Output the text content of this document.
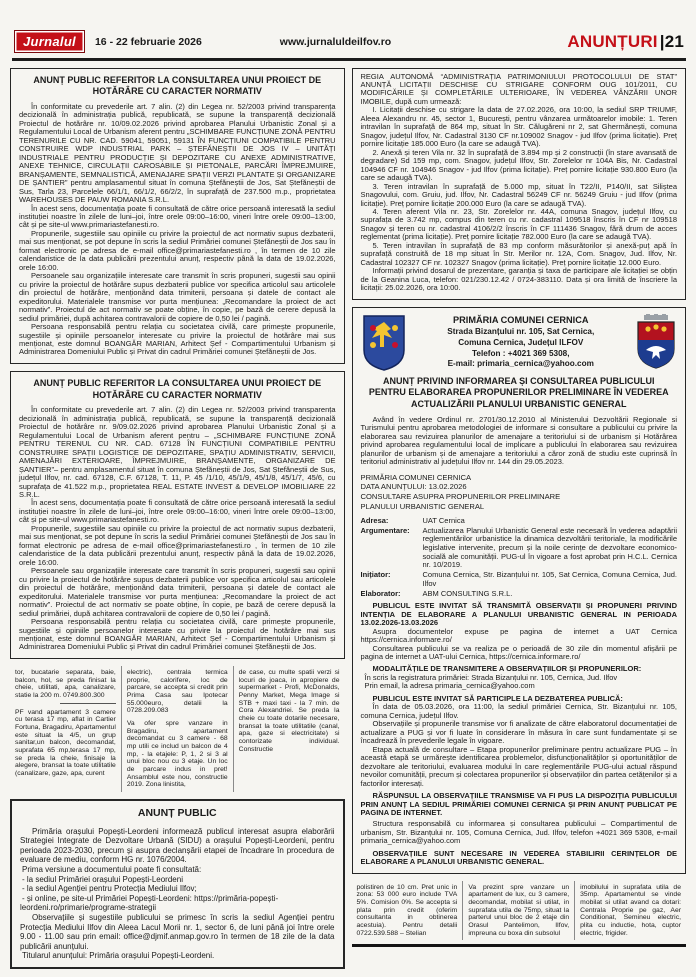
Jurnalul	16 - 22 februarie 2026	www.jurnaluldeilfov.ro	ANUNȚURI |21
ANUNȚ PUBLIC REFERITOR LA CONSULTAREA UNUI PROIECT DE HOTĂRÂRE CU CARACTER NORMATIV

În conformitate cu prevederile art. 7 alin. (2) din Legea nr. 52/2003 privind transparența decizională în administrația publică, republicată, se supune la transparență decizională Proiectul de hotărâre nr. 10/09.02.2026 privind aprobarea Planului Urbanistic Zonal și a Regulamentului Local de Urbanism aferent pentru „SCHIMBARE FUNCȚIUNE ZONĂ PENTRU TERENURILE CU NR. CAD. 59041, 59051, 59131 ÎN FUNCȚIUNI COMPATIBILE PENTRU CONSTRUIRE WDP INDUSTRIAL PARK – ȘTEFĂNEȘTII DE JOS IV – UNITĂȚI INDUSTRIALE PENTRU PRODUCȚIE ȘI DEPOZITARE CU ANEXE ADMINISTRATIVE, ANEXE TEHNICE, CIRCULAȚII CAROSABILE ȘI PIETONALE, PARCĂRI ÎMPREJMUIRE, BRANȘAMENTE, SEMNALISTICĂ, AMENAJARE SPAȚII VERZI PLANTATE ȘI ORGANIZARE DE ȘANTIER” pentru amplasamentul situat în comuna Ștefăneștii de Jos, Sat Ștefăneștii de Sus, Tarla 23, Parcelele 66/1/1, 66/1/2, 66/2/2, în suprafață de 237.500 m.p., proprietatea WAREHOUSES DE PAUW ROMANIA S.R.L.

În acest sens, documentația poate fi consultată de către orice persoană interesată la sediul instituției noastre în zilele de luni–joi, între orele 09:00–16:00, vineri între orele 09:00–13:00, cât și pe site-ul www.primariastefanesti.ro.

Propunerile, sugestiile sau opiniile cu privire la proiectul de act normativ supus dezbaterii, mai sus menționat, se pot depune în scris la sediul Primăriei comunei Ștefăneștii de Jos sau în format electronic pe adresa de e-mail office@primariastefanesti.ro , în termen de 10 zile calendaristice de la data publicării prezentului anunț, respectiv până la data de 19.02.2026, orele 16:00.

Persoanele sau organizațiile interesate care transmit în scris propuneri, sugestii sau opinii cu privire la proiectul de hotărâre supus dezbaterii publice vor specifica articolul sau articolele din proiectul de hotărâre, menționând data trimiterii, persoana și datele de contact ale expeditorului. Materialele transmise vor purta mențiunea: „Recomandare la proiect de act normativ”. Proiectul de act normativ se poate obține, în copie, pe bază de cerere depusă la sediul primăriei, după achitarea contravalorii de copiere de 0,50 lei / pagină.

Persoana responsabilă pentru relația cu societatea civilă, care primește propunerile, sugestiile și opiniile persoanelor interesate cu privire la proiectul de hotărâre mai sus menționat, este domnul BOANGĂR MARIAN, Arhitect Șef - Compartimentului Urbanism și Administrarea Domeniului Public și Privat din cadrul Primăriei comunei Ștefăneștii de Jos.

ANUNȚ PUBLIC REFERITOR LA CONSULTAREA UNUI PROIECT DE HOTĂRÂRE CU CARACTER NORMATIV

În conformitate cu prevederile art. 7 alin. (2) din Legea nr. 52/2003 privind transparența decizională în administrația publică, republicată, se supune la transparență decizională Proiectul de hotărâre nr. 9/09.02.2026 privind aprobarea Planului Urbanistic Zonal și a Regulamentului Local de Urbanism aferent pentru – „SCHIMBARE FUNCȚIUNE ZONĂ PENTRU TERENUL CU NR. CAD. 67128 ÎN FUNCȚIUNI COMPATIBILE PENTRU CONSTRUIRE SPAȚII LOGISTICE DE DEPOZITARE, SPAȚIU ADMINISTRATIV, SERVICII, AMENAJĂRI EXTERIOARE, ÎMPREJMUIRE, BRANȘAMENTE, ORGANIZARE DE ȘANTIER”– pentru amplasamentul situat în comuna Ștefăneștii de Jos, Sat Ștefăneștii de Sus, județul Ilfov, nr. cad. 67128, C.F. 67128, T. 11, P. 45 /1/10, 45/1/9, 45/1/8, 45/1/7, 45/6, cu suprafața de 41.522 m.p., proprietatea REAL ESTATE INVEST & DEVELOP IMOBILIARE 22 S.R.L.

În acest sens, documentația poate fi consultată de către orice persoană interesată la sediul instituției noastre în zilele de luni–joi, între orele 09:00–16:00, vineri între orele 09:00–13:00, cât și pe site-ul www.primariastefanesti.ro.

Propunerile, sugestiile sau opiniile cu privire la proiectul de act normativ supus dezbaterii, mai sus menționat, se pot depune în scris la sediul Primăriei comunei Ștefăneștii de Jos sau în format electronic pe adresa de e-mail office@primariastefanesti.ro , în termen de 10 zile calendaristice de la data publicării prezentului anunț, respectiv până la data de 19.02.2026, orele 16:00.

Persoanele sau organizațiile interesate care transmit în scris propuneri, sugestii sau opinii cu privire la proiectul de hotărâre supus dezbaterii publice vor specifica articolul sau articolele din proiectul de hotărâre, menționând data trimiterii, persoana și datele de contact ale expeditorului. Materialele transmise vor purta mențiunea: „Recomandare la proiect de act normativ”. Proiectul de act normativ se poate obține, în copie, pe bază de cerere depusă la sediul primăriei, după achitarea contravalorii de copiere de 0,50 lei / pagină.

Persoana responsabilă pentru relația cu societatea civilă, care primește propunerile, sugestiile și opiniile persoanelor interesate cu privire la proiectul de hotărâre mai sus menționat, este domnul BOANGĂR MARIAN, Arhitect Șef - Compartimentului Urbanism și Administrarea Domeniului Public și Privat din cadrul Primăriei comunei Ștefăneștii de Jos.

tor, bucatarie separata, baie, balcon, hol, se preda finisat la cheie, utilitati, apa, canalizare, statie la 200 m. 0749.800.300

PF vand apartament 3 camere cu terasa 17 mp, aflat in Cartier Fortuna, Bragadiru, Apartamentul este situat la 4/5, un grup sanitar,un balcon, decomandat, suprafata 65 mp,terasa 17 mp, se preda la cheie, finisaje la alegere, bransat la toate utilitatile (canalizare, gaze, apa, curent

electric), centrala termica proprie, calorifere, loc de parcare, se accepta si credit prin Prima Casa sau Ipotecar 55.000euro, detalii la 0728.209.083

Va ofer spre vanzare in Bragadiru, apartament decomandat cu 3 camere - 68 mp utili ce includ un balcon de 4 mp, - la etajele: P, 1, 2 si 3 al unui bloc nou cu 3 etaje. Un loc de parcare indus in pret! Ansamblul este nou, constructie 2019. Zona linistita,

de case, cu multe spatii verzi si locuri de joaca, in apropiere de supermarket - Profi, McDonalds, Penny Market, Mega Image si STB + maxi taxi - la 7 min. de Cora Alexandriei. Se preda la cheie cu toate dotarile necesare, bransat la toate utilitatile (canal, apa, gaze si electricitate) si contorizate individual. Constructie

ANUNȚ PUBLIC

Primăria orașului Popești-Leordeni informează publicul interesat asupra elaborării Strategiei Integrate de Dezvoltare Urbană (SIDU) a orașului Popești-Leordeni, pentru perioada 2023-2030, precum și asupra declanșării etapei de încadrare în procedura de evaluare de mediu, conform HG nr. 1076/2004.

Prima versiune a documentului poate fi consultată:

- la sediul Primăriei orașului Popești-Leordeni

- la sediul Agenției pentru Protecția Mediului Ilfov;

- și online, pe site-ul Primăriei Popești-Leordeni: https://primăria-popești-leordeni.ro/primarie/programe-strategii

Observațiile și sugestiile publicului se primesc în scris la sediul Agenției pentru Protecția Mediului Ilfov din Aleea Lacul Morii nr. 1, sector 6, de luni până joi între orele 9.00 - 11.00 sau prin email: office@djmif.anmap.gov.ro în termen de 18 zile de la data publicării anunțului.

Titularul anunțului: Primăria orașului Popești-Leordeni.

REGIA AUTONOMĂ “ADMINISTRAȚIA PATRIMONIULUI PROTOCOLULUI DE STAT” ANUNȚĂ LICITAȚII DESCHISE CU STRIGARE CONFORM OUG 101/2011, CU MODIFICĂRILE ȘI COMPLETĂRILE ULTERIOARE, ÎN VEDEREA VÂNZĂRII UNOR IMOBILE, după cum urmează:

I. Licitații deschise cu strigare la data de 27.02.2026, ora 10:00, la sediul SRP TRIUMF, Aleea Alexandru nr. 45, sector 1, București, pentru vânzarea următoarelor imobile: 1. Teren intravilan în suprafață de 864 mp, situat în Str. Călugăreni nr 2, sat Ghermănești, comuna Snagov, județul Ilfov, Nr. Cadastral 3130 CF nr.109002 Snagov - jud Ilfov (prima licitație). Preț pornire licitație 185.000 Euro (la care se adaugă TVA).

2. Anexă și teren Vila nr. 32 în suprafață de 3.894 mp și 2 construcții (în stare avansată de degradare) Sd 159 mp, com. Snagov, județul Ilfov, Str. Zorelelor nr 104A Bis, Nr. Cadastral 104946 CF nr. 104946 Snagov - jud Ilfov (prima licitație). Preț pornire licitație 930.800 Euro (la care se adaugă TVA).

3. Teren intravilan în suprafață de 5.000 mp, situat în T22/II, P140/II, sat Siliștea Snagovului, com. Gruiu, jud. Ilfov, Nr. Cadastral 56249 CF nr. 56249 Gruiu - jud Ilfov (prima licitație). Preț pornire licitație 200.000 Euro (la care se adaugă TVA).

4. Teren aferent Vila nr. 23, Str. Zorelelor nr. 44A, comuna Snagov, județul Ilfov, cu suprafața de 3.742 mp, compus din teren cu nr. cadastral 109518 înscris în CF nr 109518 Snagov și teren cu nr. cadastral 4106/2/2 înscris în CF 111436 Snagov, fără drum de acces reglementat (prima licitație). Preț pornire licitație 782.000 Euro (la care se adaugă TVA).

5. Teren intravilan în suprafață de 83 mp conform măsurătorilor și anexă-puț apă în suprafață construită de 18 mp situat în Str. Merilor nr. 12A, Com. Snagov, Jud. Ilfov, Nr. Cadastral 102327 CF nr. 102327 Snagov (prima licitație). Preț pornire licitație 12.000 Euro.

Informații privind dosarul de prezentare, garanția și taxa de participare ale licitației se obțin de la Geanina Luca, telefon: 021/230.12.42 / 0724-383110. Data și ora limită de înscriere la licitații: 25.02.2026, ora 10:00.

PRIMĂRIA COMUNEI CERNICA
Strada Bizanțului nr. 105, Sat Cernica,
Comuna Cernica, Județul ILFOV
Telefon : +4021 369 5308,
E-mail: primaria_cernica@yahoo.com
ANUNȚ PRIVIND INFORMAREA ȘI CONSULTAREA PUBLICULUI PENTRU ELABORAREA PROPUNERILOR PRELIMINARE ÎN VEDEREA ACTUALIZĂRII PLANULUI URBANISTIC GENERAL

Având în vedere Ordinul nr. 2701/30.12.2010 al Ministerului Dezvoltării Regionale si Turismului pentru aprobarea metodologiei de informare si consultare a publicului cu privire la elaborarea sau revizuirea planurilor de amenajare a teritoriului si de urbanism și Hotărârea privind aprobarea regulamentului local de implicare a publicului în elaborarea sau revizuirea planurilor de urbanism și de amenajare a teritoriului a căror zonă de studiu este cuprinsă în teritoriul administrativ al județului Ilfov nr. 144 din 29.05.2023.

PRIMĂRIA COMUNEI CERNICA
DATA ANUNȚULUI: 13.02.2026
CONSULTARE ASUPRA PROPUNERILOR PRELIMINARE
PLANULUI URBANISTIC GENERAL
Adresa:	UAT Cernica
Argumentare:	Actualizarea Planului Urbanistic General este necesară în vederea adaptării reglementărilor urbanistice la dinamica dezvoltării teritoriale, la modificările legislative intervenite, precum și la noile cerințe de dezvoltare economico-socială ale comunității. PUG-ul în vigoare a fost aprobat prin H.C.L. Cernica nr. 10/2019.
Inițiator:	Comuna Cernica, Str. Bizanțului nr. 105, Sat Cernica, Comuna Cernica, Jud. Ilfov
Elaborator:	ABM CONSULTING S.R.L.

PUBLICUL ESTE INVITAT SĂ TRANSMITĂ OBSERVAȚII ȘI PROPUNERI PRIVIND INTENȚIA DE ELABORARE A PLANULUI URBANISTIC GENERAL IN PERIOADA 13.02.2026-13.03.2026

Asupra documentelor expuse pe pagina de internet a UAT Cernica https://cernica.informare.ro/

Consultarea publicului se va realiza pe o perioadă de 30 zile din momentul afișării pe pagina de internet a UAT-ului Cernica, https://cernica.informare.ro/

MODALITĂȚILE DE TRANSMITERE A OBSERVAȚIILOR ȘI PROPUNERILOR:

În scris la registratura primăriei: Strada Bizanțului nr. 105, Cernica, Jud. Ilfov

Prin email, la adresa primaria_cernica@yahoo.com

PUBLICUL ESTE INVITAT SĂ PARTICIPLE LA DEZBATEREA PUBLICĂ:

În data de 05.03.2026, ora 11:00, la sediul primăriei Cernica, Str. Bizanțului nr. 105, comuna Cernica, județul Ilfov.

Observațiile și propunerile transmise vor fi analizate de către elaboratorul documentației de actualizare a PUG și vor fi luate în considerare în măsura în care sunt fundamentate și se încadrează în prevederile legale în vigoare.

Etapa actuală de consultare – Etapa propunerilor preliminare pentru actualizare PUG – în această etapă se urmărește identificarea problemelor, disfuncționalităților și oportunităților de dezvoltare ale teritoriului, evaluarea modului în care reglementările PUG-ului actual răspund nevoilor comunității, precum și colectarea propunerilor și observațiilor din partea cetățenilor și a factorilor interesați.

RĂSPUNSUL LA OBSERVAȚIILE TRANSMISE VA FI PUS LA DISPOZIȚIA PUBLICULUI PRIN ANUNȚ LA SEDIUL PRIMĂRIEI COMUNEI CERNICA ȘI PRIN ANUNȚ PUBLICAT PE PAGINA DE INTERNET.

Structura responsabilă cu informarea și consultarea publicului – Compartimentul de urbanism, Str. Bizanțului nr. 105, Comuna Cernica, Jud. Ilfov, telefon +4021 369 5308, e-mail primaria_cernica@yahoo.com

OBSERVAȚIILE SUNT NECESARE IN VEDEREA STABILIRII CERINȚELOR DE ELABORARE A PLANULUI URBANISTIC GENERAL.

polistiren de 10 cm. Pret unic in zona: 53 000 euro include TVA 5%. Comision 0%. Se accepta si plata prin credit (oferim consultanta in obtinerea acestuia). Pentru detalii 0722.539.588 – Stelian

Va prezint spre vanzare un apartament de lux, cu 3 camere, decomandat, mobilat si utilat, in suprafata utila de 75mp, situat la parterul unui bloc de 2 etaje din Orasul Pantelimon, Ilfov, impreuna cu boxa din subsolul

imobilului in suprafata utila de 35mp. Apartamentul se vinde mobilat si utilat avand ca dotari: Centrala Proprie pe gaz, Aer Conditionat, Semineu electric, plita cu inductie, hota, cuptor electric, frigider.
